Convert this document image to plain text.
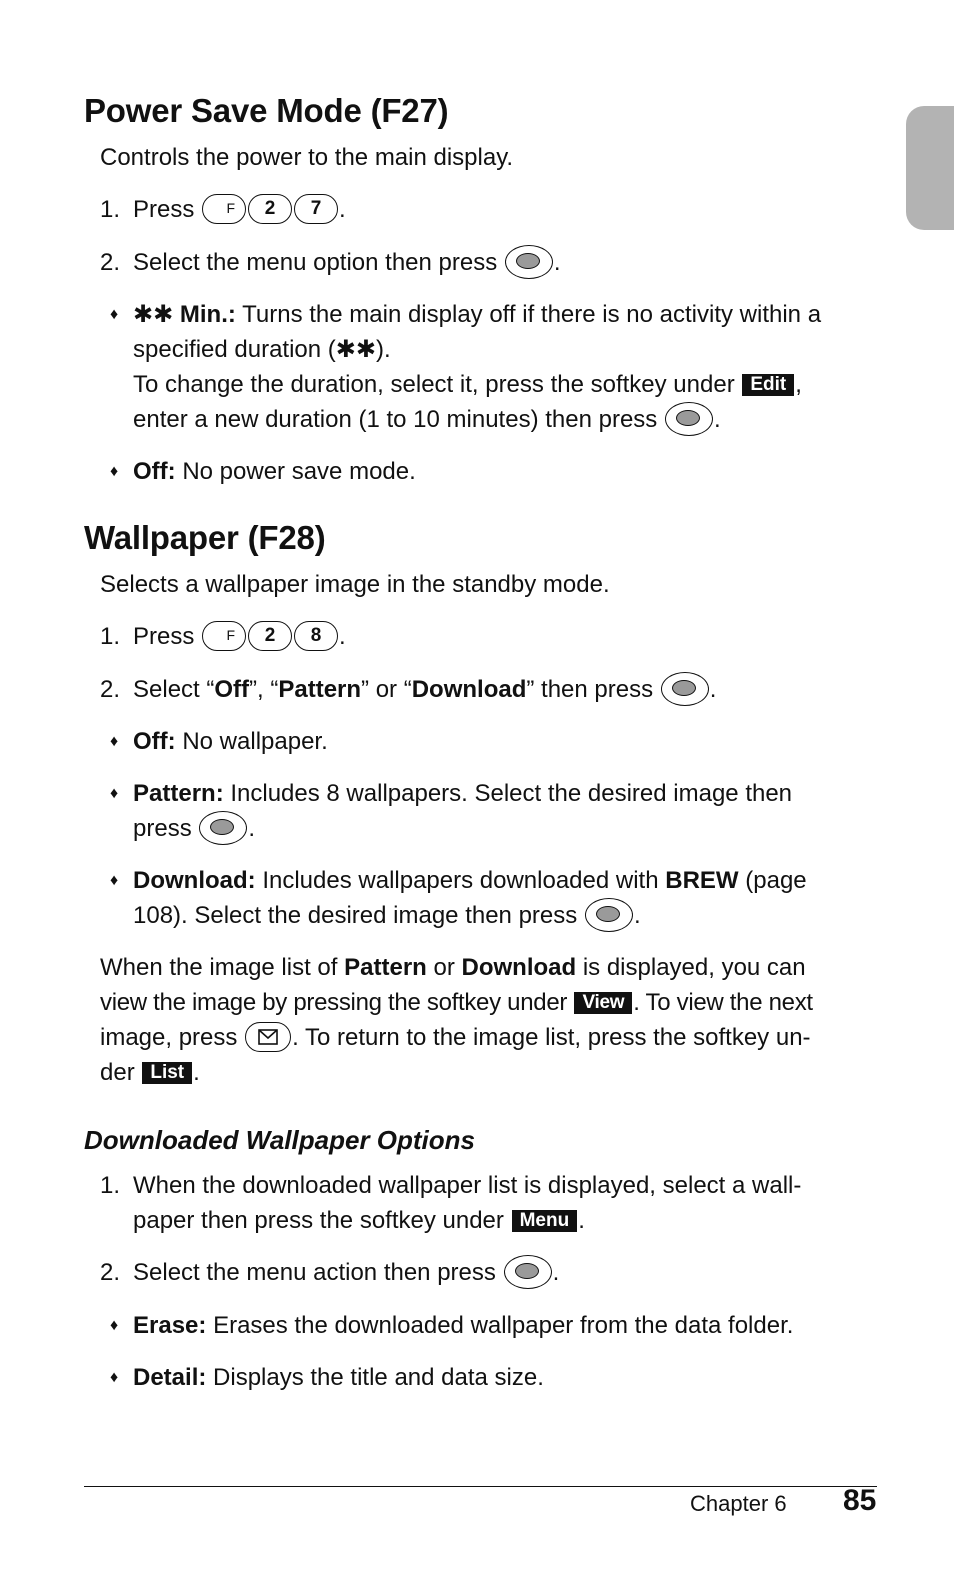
Power Save Mode (F27)

Controls the power to the main display.

1. Press F 2 7 .

2. Select the menu option then press .

♦ ✱✱ Min.: Turns the main display off if there is no activity within a

specified duration (✱✱).

To change the duration, select it, press the softkey under Edit ,

enter a new duration (1 to 10 minutes) then press .

♦ Off: No power save mode.

Wallpaper (F28)

Selects a wallpaper image in the standby mode.

1. Press F 2 8 .

2. Select “Off”, “Pattern” or “Download” then press .

♦ Off: No wallpaper.

♦ Pattern: Includes 8 wallpapers. Select the desired image then

press .

♦ Download: Includes wallpapers downloaded with BREW (page

108). Select the desired image then press .

When the image list of Pattern or Download is displayed, you can

view the image by pressing the softkey under View . To view the next

image, press . To return to the image list, press the softkey un-

der List .

Downloaded Wallpaper Options
1. When the downloaded wallpaper list is displayed, select a wall-

paper then press the softkey under Menu .

2. Select the menu action then press .

♦ Erase: Erases the downloaded wallpaper from the data folder.

♦ Detail: Displays the title and data size.

Chapter 6 85
